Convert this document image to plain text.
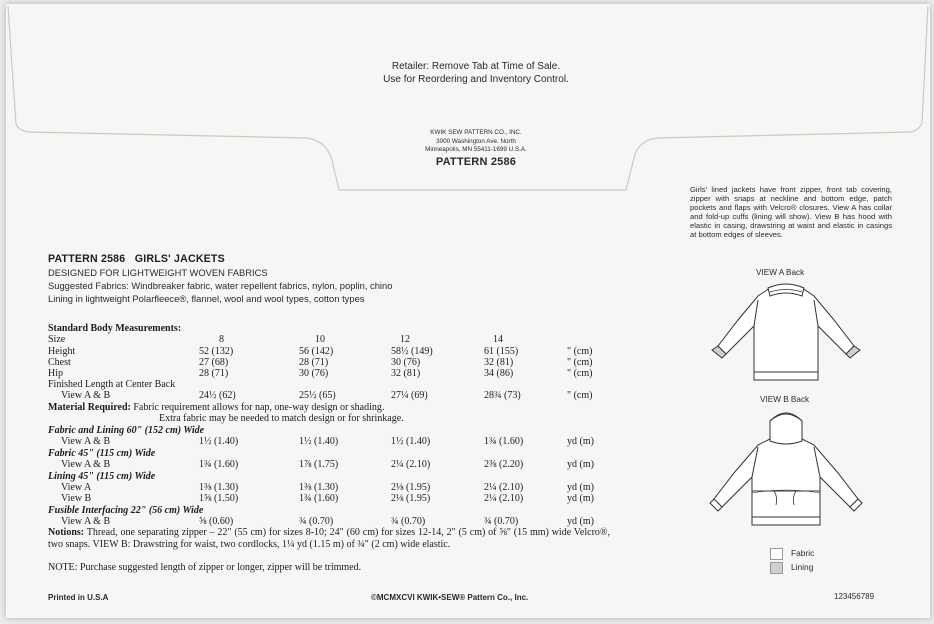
Retailer: Remove Tab at Time of Sale.
Use for Reordering and Inventory Control.
KWIK SEW PATTERN CO., INC.
3000 Washington Ave. North
Minneapolis, MN 55411-1699 U.S.A.
PATTERN 2586
Girls' lined jackets have front zipper, front tab covering, zipper with snaps at neckline and bottom edge, patch pockets and flaps with Velcro® closures. View A has collar and fold-up cuffs (lining will show). View B has hood with elastic in casing, drawstring at waist and elastic in casings at bottom edges of sleeves.
VIEW A Back
VIEW B Back
PATTERN 2586   GIRLS' JACKETS
DESIGNED FOR LIGHTWEIGHT WOVEN FABRICS
Suggested Fabrics: Windbreaker fabric, water repellent fabrics, nylon, poplin, chino
Lining in lightweight Polarfleece®, flannel, wool and wool types, cotton types
Standard Body Measurements:
Size	8	10	12	14
Height	52 (132)	56 (142)	58½ (149)	61 (155)	" (cm)
Chest	27 (68)	28 (71)	30 (76)	32 (81)	" (cm)
Hip	28 (71)	30 (76)	32 (81)	34 (86)	" (cm)
Finished Length at Center Back
View A & B	24½ (62)	25½ (65)	27¼ (69)	28¾ (73)	" (cm)
Material Required: Fabric requirement allows for nap, one-way design or shading.
Extra fabric may be needed to match design or for shrinkage.
Fabric and Lining 60" (152 cm) Wide
View A & B	1½ (1.40)	1½ (1.40)	1½ (1.40)	1¾ (1.60)	yd (m)
Fabric 45" (115 cm) Wide
View A & B	1¾ (1.60)	1⅞ (1.75)	2¼ (2.10)	2⅜ (2.20)	yd (m)
Lining 45" (115 cm) Wide
View A	1⅜ (1.30)	1⅜ (1.30)	2⅛ (1.95)	2¼ (2.10)	yd (m)
View B	1⅝ (1.50)	1¾ (1.60)	2⅛ (1.95)	2¼ (2.10)	yd (m)
Fusible Interfacing 22" (56 cm) Wide
View A & B	⅝ (0.60)	¾ (0.70)	¾ (0.70)	¾ (0.70)	yd (m)
Notions: Thread, one separating zipper – 22" (55 cm) for sizes 8-10; 24" (60 cm) for sizes 12-14, 2" (5 cm) of ⅝" (15 mm) wide Velcro®, two snaps. VIEW B: Drawstring for waist, two cordlocks, 1¼ yd (1.15 m) of ¾" (2 cm) wide elastic.
NOTE: Purchase suggested length of zipper or longer, zipper will be trimmed.
Fabric
Lining
Printed in U.S.A	©MCMXCVI KWIK•SEW® Pattern Co., Inc.	123456789
